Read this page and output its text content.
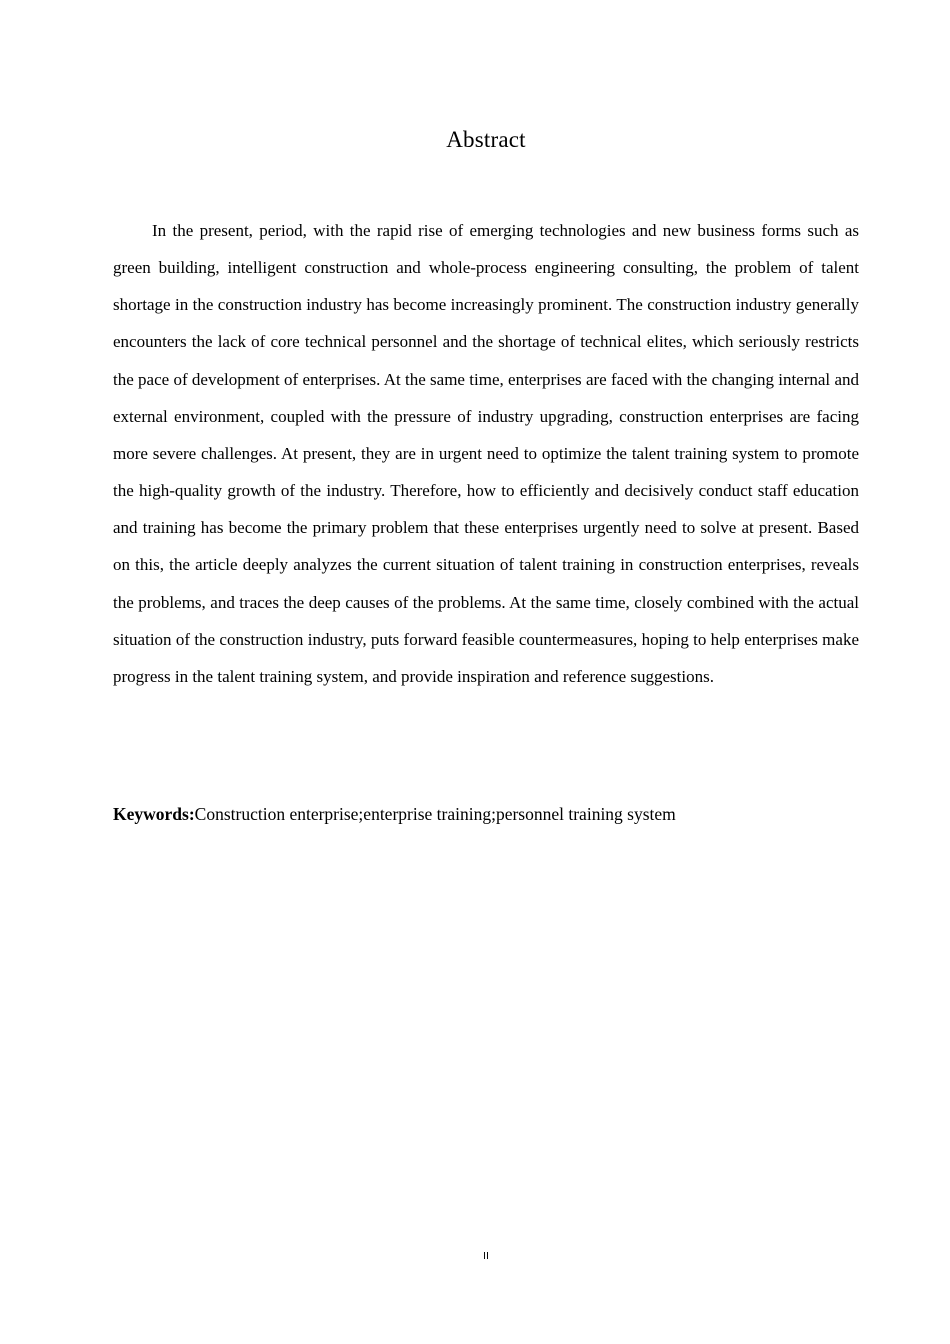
Abstract

In the present, period, with the rapid rise of emerging technologies and new business forms such as green building, intelligent construction and whole-process engineering consulting, the problem of talent shortage in the construction industry has become increasingly prominent. The construction industry generally encounters the lack of core technical personnel and the shortage of technical elites, which seriously restricts the pace of development of enterprises. At the same time, enterprises are faced with the changing internal and external environment, coupled with the pressure of industry upgrading, construction enterprises are facing more severe challenges. At present, they are in urgent need to optimize the talent training system to promote the high-quality growth of the industry. Therefore, how to efficiently and decisively conduct staff education and training has become the primary problem that these enterprises urgently need to solve at present. Based on this, the article deeply analyzes the current situation of talent training in construction enterprises, reveals the problems, and traces the deep causes of the problems. At the same time, closely combined with the actual situation of the construction industry, puts forward feasible countermeasures, hoping to help enterprises make progress in the talent training system, and provide inspiration and reference suggestions.

Keywords:Construction enterprise;enterprise training;personnel training system
II
